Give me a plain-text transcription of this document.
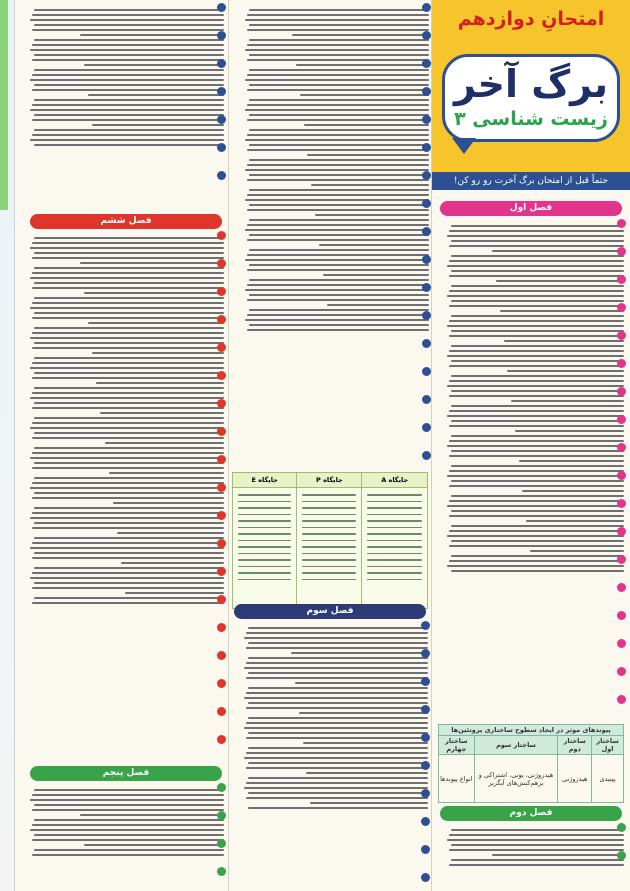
امتحانِ دوازدهم
برگ آخر
زیست شناسی ۳
حتماً قبل از امتحان برگ آخرت رو رو کن!
فصل اول
پیوندهای موثر در ایجاد سطوح ساختاری پروتئین‌ها			
ساختار اول	ساختار دوم	ساختار سوم	ساختار چهارم
پپتیدی	هیدروژنی	هیدروژنی، یونی، اشتراکی و برهم‌کنش‌های آبگریز	انواع پیوندها
فصل دوم
جایگاه A	جایگاه P	جایگاه E

فصل سوم
فصل ششم
فصل پنجم
